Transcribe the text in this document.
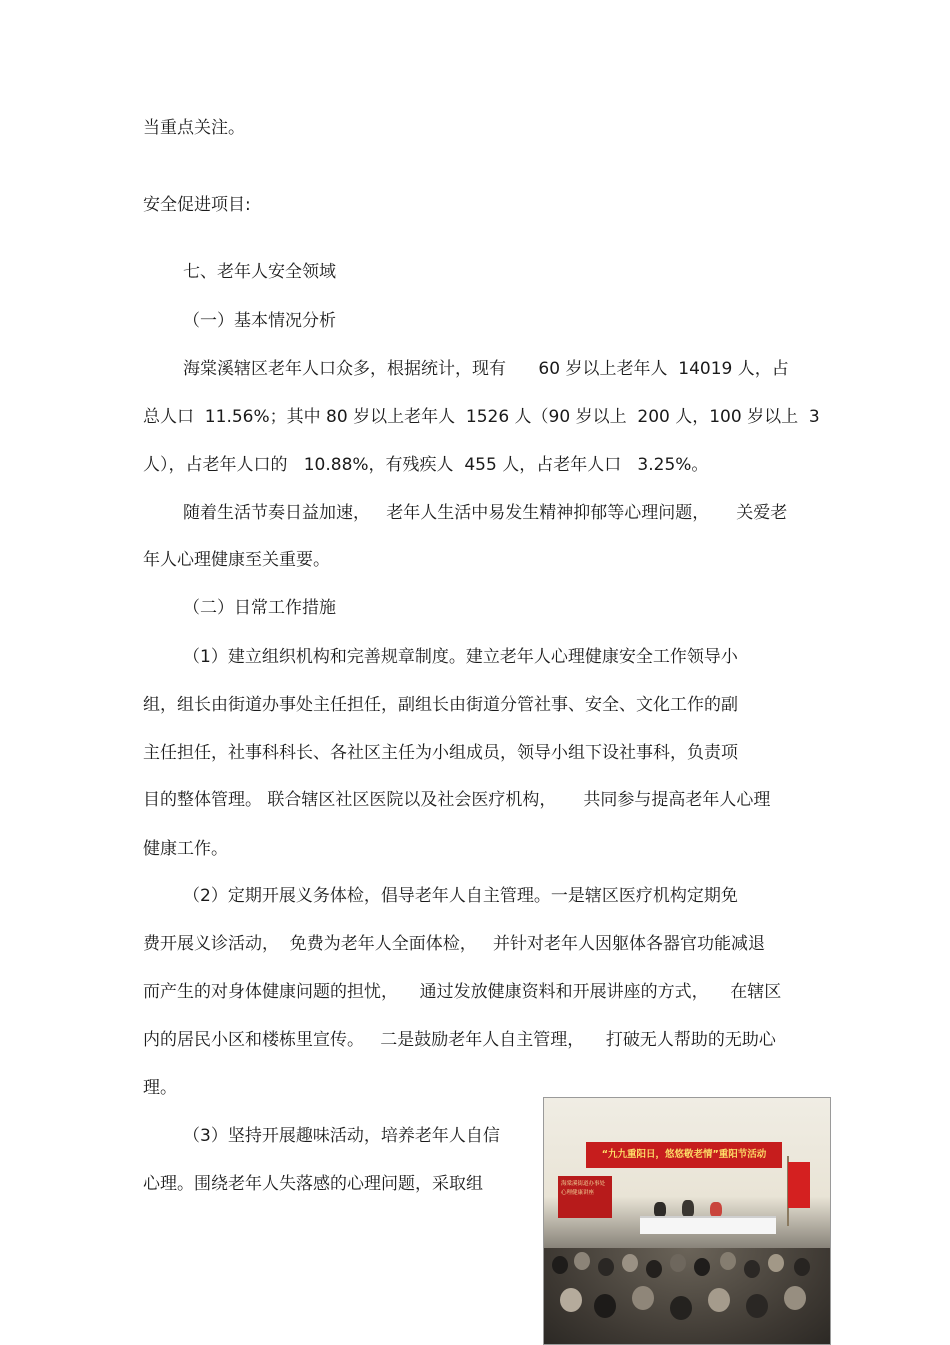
当重点关注。
安全促进项目:
七、老年人安全领域
（一）基本情况分析
海棠溪辖区老年人口众多，根据统计，现有      60 岁以上老年人  14019 人，占
总人口  11.56%；其中 80 岁以上老年人  1526 人（90 岁以上  200 人，100 岁以上  3
人），占老年人口的   10.88%，有残疾人  455 人，占老年人口   3.25%。
随着生活节奏日益加速，   老年人生活中易发生精神抑郁等心理问题，     关爱老
年人心理健康至关重要。
（二）日常工作措施
（1）建立组织机构和完善规章制度。建立老年人心理健康安全工作领导小
组，组长由街道办事处主任担任，副组长由街道分管社事、安全、文化工作的副
主任担任，社事科科长、各社区主任为小组成员，领导小组下设社事科，负责项
目的整体管理。 联合辖区社区医院以及社会医疗机构，     共同参与提高老年人心理
健康工作。
（2）定期开展义务体检，倡导老年人自主管理。一是辖区医疗机构定期免
费开展义诊活动，  免费为老年人全面体检，   并针对老年人因躯体各器官功能减退
而产生的对身体健康问题的担忧，    通过发放健康资料和开展讲座的方式，    在辖区
内的居民小区和楼栋里宣传。   二是鼓励老年人自主管理，    打破无人帮助的无助心
理。
（3）坚持开展趣味活动，培养老年人自信
心理。围绕老年人失落感的心理问题，采取组
“九九重阳日，悠悠敬老情”重阳节活动
海棠溪街道办事处
心理健康讲座
